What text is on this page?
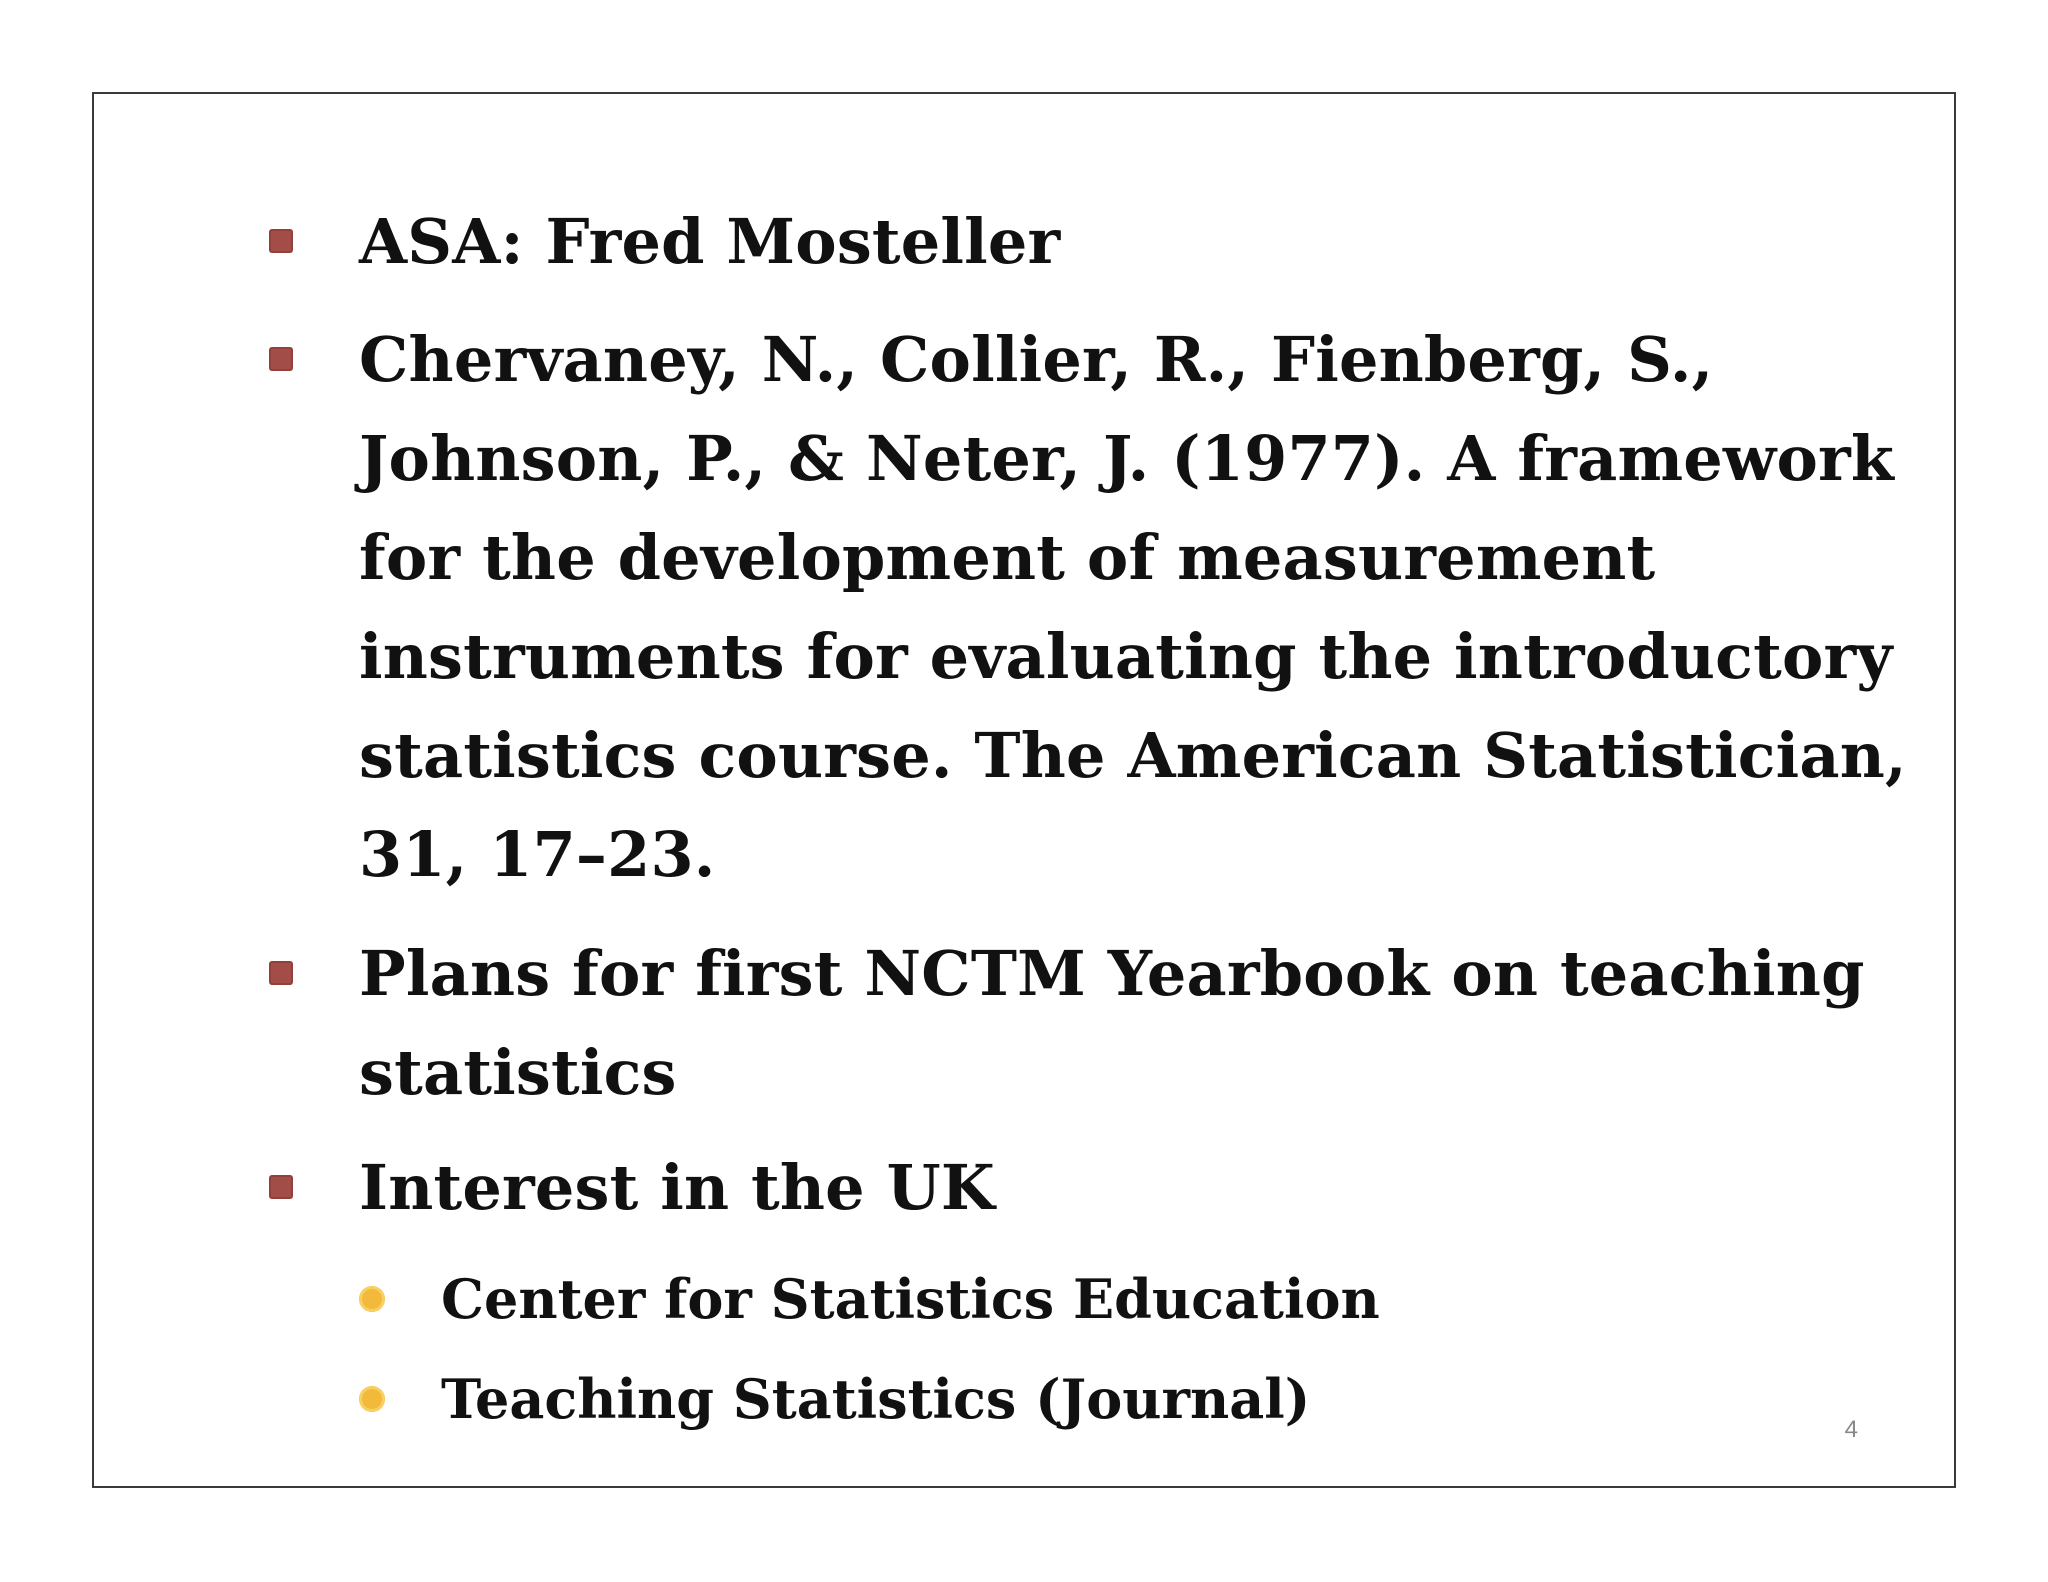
ASA: Fred Mosteller
Chervaney, N., Collier, R., Fienberg, S.,
Johnson, P., & Neter, J. (1977). A framework
for the development of measurement
instruments for evaluating the introductory
statistics course. The American Statistician,
31, 17–23.
Plans for first NCTM Yearbook on teaching
statistics
Interest in the UK
Center for Statistics Education
Teaching Statistics (Journal)	4
